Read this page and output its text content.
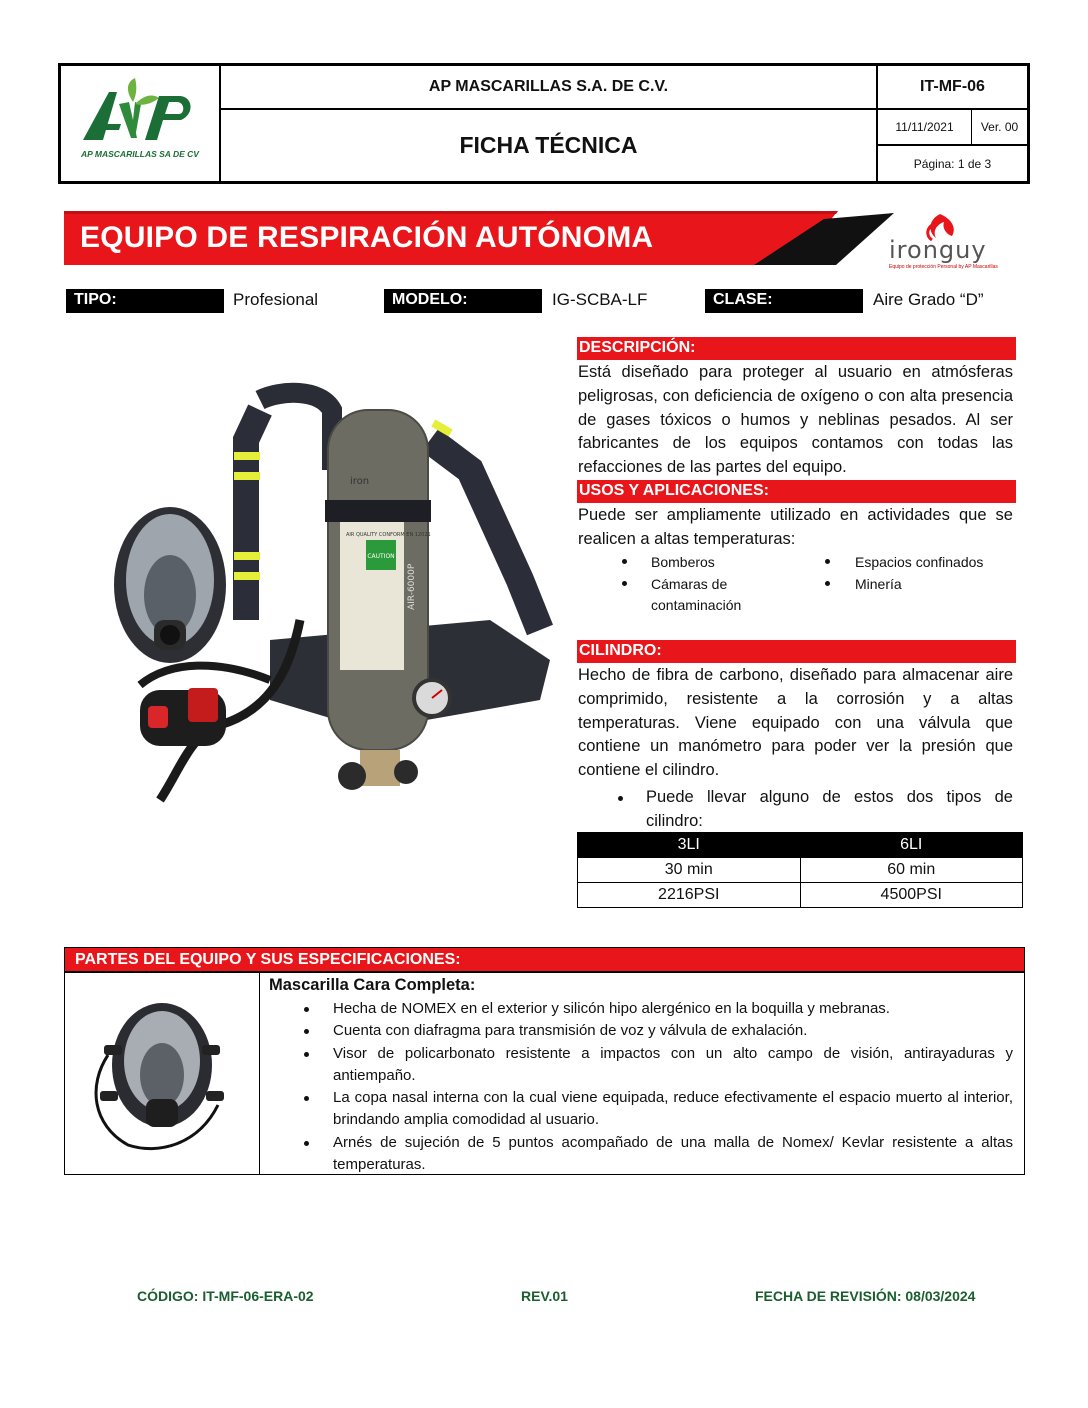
AP MASCARILLAS SA DE CV
AP MASCARILLAS S.A. DE C.V.
FICHA TÉCNICA
IT-MF-06
11/11/2021	Ver. 00
Página: 1 de 3
EQUIPO DE RESPIRACIÓN AUTÓNOMA	ironguy
Equipo de protección Personal by AP Mascarillas
TIPO:	Profesional	MODELO:	IG-SCBA-LF	CLASE:	Aire Grado “D”
CAUTION
iron
AIR QUALITY CONFORM EN 12021
AIR-6000P
DESCRIPCIÓN:
Está diseñado para proteger al usuario en atmósferas peligrosas, con deficiencia de oxígeno o con alta presencia de gases tóxicos o humos y neblinas pesados. Al ser fabricantes de los equipos contamos con todas las refacciones de las partes del equipo.
USOS Y APLICACIONES:
Puede ser ampliamente utilizado en actividades que se realicen a altas temperaturas:
Bomberos
Cámaras de contaminación
Espacios confinados
Minería
CILINDRO:
Hecho de fibra de carbono, diseñado para almacenar aire comprimido, resistente a la corrosión y a altas temperaturas. Viene equipado con una válvula que contiene un manómetro para poder ver la presión que contiene el cilindro.
Puede llevar alguno de estos dos tipos de cilindro:
3LI	6LI
30 min	60 min
2216PSI	4500PSI
PARTES DEL EQUIPO Y SUS ESPECIFICACIONES:
Mascarilla Cara Completa:
Hecha de NOMEX en el exterior y silicón hipo alergénico en la boquilla y mebranas.
Cuenta con diafragma para transmisión de voz y válvula de exhalación.
Visor de policarbonato resistente a impactos con un alto campo de visión, antirayaduras y antiempaño.
La copa nasal interna con la cual viene equipada, reduce efectivamente el espacio muerto al interior, brindando amplia comodidad al usuario.
Arnés de sujeción de 5 puntos acompañado de una malla de Nomex/ Kevlar resistente a altas temperaturas.
CÓDIGO: IT-MF-06-ERA-02	REV.01	FECHA DE REVISIÓN: 08/03/2024
